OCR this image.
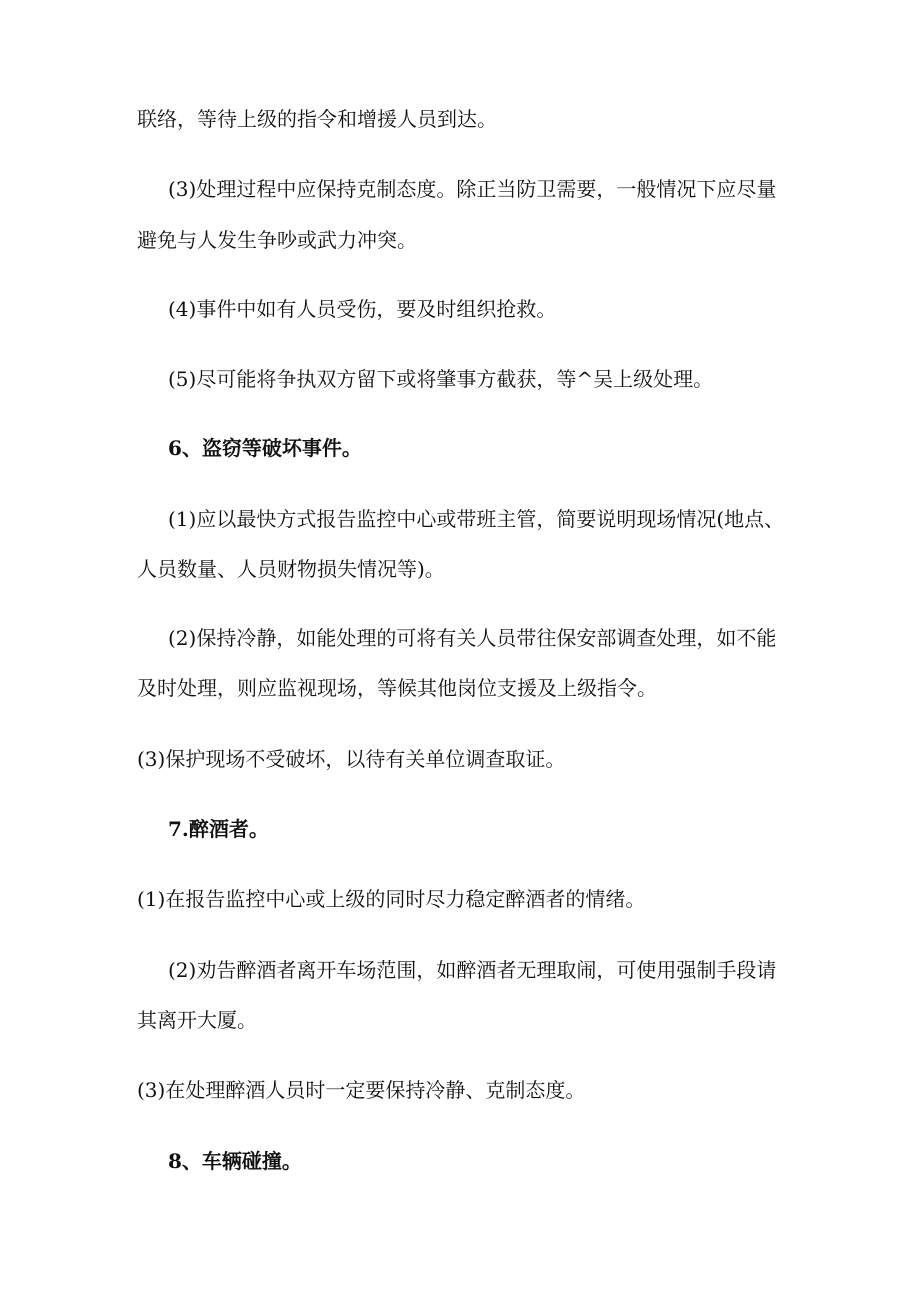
联络，等待上级的指令和增援人员到达。
(3)处理过程中应保持克制态度。除正当防卫需要，一般情况下应尽量
避免与人发生争吵或武力冲突。
(4)事件中如有人员受伤，要及时组织抢救。
(5)尽可能将争执双方留下或将肇事方截获，等^吴上级处理。
6、盗窃等破坏事件。
(1)应以最快方式报告监控中心或带班主管，简要说明现场情况(地点、
人员数量、人员财物损失情况等)。
(2)保持冷静，如能处理的可将有关人员带往保安部调查处理，如不能
及时处理，则应监视现场，等候其他岗位支援及上级指令。
(3)保护现场不受破坏，以待有关单位调查取证。
7.醉酒者。
(1)在报告监控中心或上级的同时尽力稳定醉酒者的情绪。
(2)劝告醉酒者离开车场范围，如醉酒者无理取闹，可使用强制手段请
其离开大厦。
(3)在处理醉酒人员时一定要保持冷静、克制态度。
8、车辆碰撞。
